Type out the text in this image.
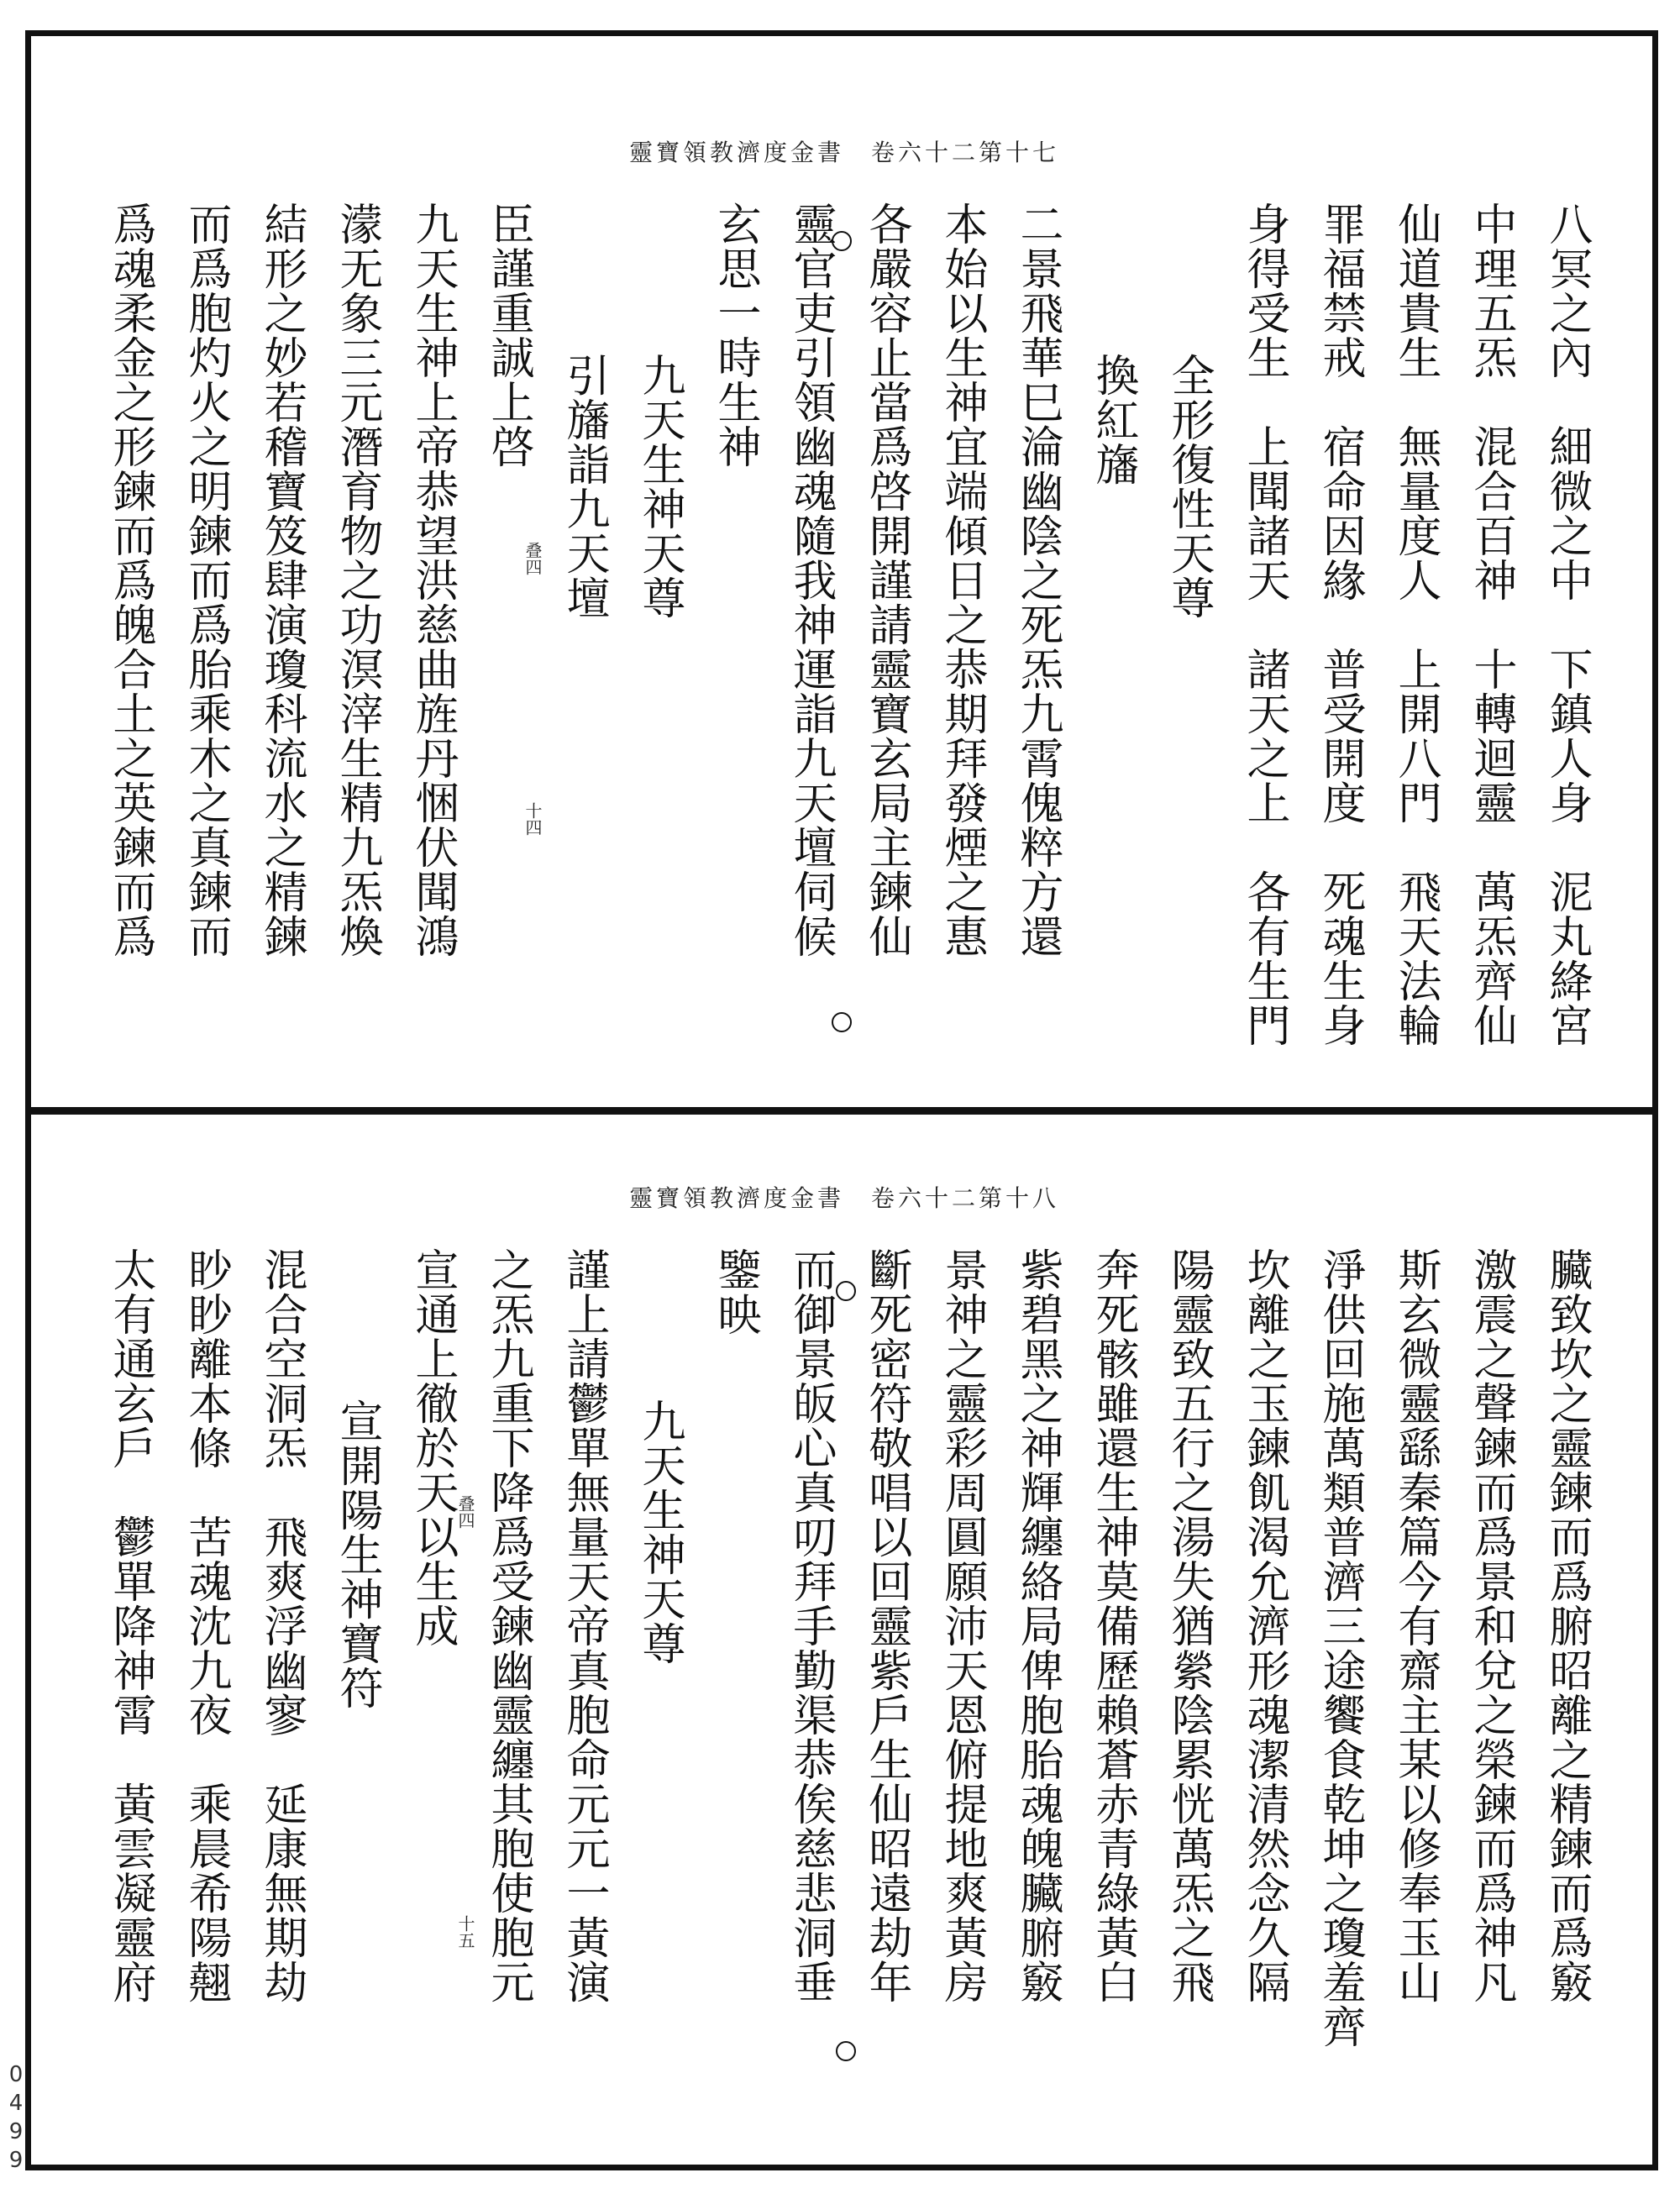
靈寶領教濟度金書　卷六十二第十七
八冥之內　細微之中　下鎮人身　泥丸絳宮
中理五炁　混合百神　十轉迴靈　萬炁齊仙
仙道貴生　無量度人　上開八門　飛天法輪
罪福禁戒　宿命因緣　普受開度　死魂生身
身得受生　上聞諸天　諸天之上　各有生門
全形復性天尊
換紅旛
二景飛華巳淪幽陰之死炁九霄傀粹方還
本始以生神宜端傾日之恭期拜發煙之惠
各嚴容止當爲啓開謹請靈寶玄局主鍊仙
靈官吏引領幽魂隨我神運詣九天壇伺候
玄思一時生神
九天生神天尊
引旛詣九天壇
臣謹重誠上啓
九天生神上帝恭望洪慈曲旌丹悃伏聞鴻
濛无象三元潛育物之功溟滓生精九炁煥
結形之妙若稽寶笈肆演瓊科流水之精鍊
而爲胞灼火之明鍊而爲胎乘木之真鍊而
爲魂柔金之形鍊而爲魄合土之英鍊而爲	叠四
十四
靈寶領教濟度金書　卷六十二第十八
臟致坎之靈鍊而爲腑昭離之精鍊而爲竅
激震之聲鍊而爲景和兌之榮鍊而爲神凡
斯玄微靈繇秦篇今有齋主某以修奉玉山
淨供回施萬類普濟三途饗食乾坤之瓊羞齊
坎離之玉鍊飢渴允濟形魂潔清然念久隔
陽靈致五行之湯失猶縈陰累恍萬炁之飛
奔死骸雖還生神莫備歷賴蒼赤青綠黃白
紫碧黑之神輝纏絡局俾胞胎魂魄臟腑竅
景神之靈彩周圓願沛天恩俯提地爽黃房
斷死密符敬唱以回靈紫戶生仙昭遠劫年
而御景皈心真叨拜手勤渠恭俟慈悲洞垂
鑒映
九天生神天尊
謹上請鬱單無量天帝真胞命元元一黃演
之炁九重下降爲受鍊幽靈纏其胞使胞元
宣通上徹於天以生成
宣開陽生神寶符
混合空洞炁　飛爽浮幽寥　延康無期劫
眇眇離本條　苦魂沈九夜　乘晨希陽翹
太有通玄戶　鬱單降神霄　黃雲凝靈府	叠四
十五
0499
